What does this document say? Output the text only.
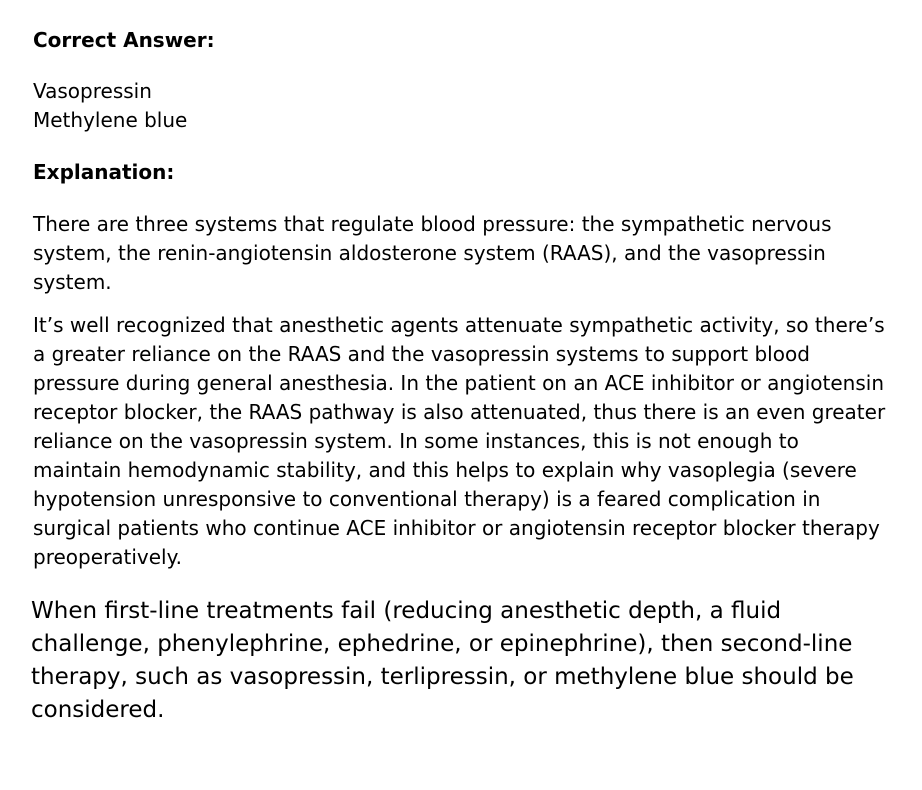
Correct Answer:

Vasopressin
Methylene blue

Explanation:

There are three systems that regulate blood pressure: the sympathetic nervous system, the renin-angiotensin aldosterone system (RAAS), and the vasopressin system.

It’s well recognized that anesthetic agents attenuate sympathetic activity, so there’s a greater reliance on the RAAS and the vasopressin systems to support blood pressure during general anesthesia. In the patient on an ACE inhibitor or angiotensin receptor blocker, the RAAS pathway is also attenuated, thus there is an even greater reliance on the vasopressin system. In some instances, this is not enough to maintain hemodynamic stability, and this helps to explain why vasoplegia (severe hypotension unresponsive to conventional therapy) is a feared complication in surgical patients who continue ACE inhibitor or angiotensin receptor blocker therapy preoperatively.

When first-line treatments fail (reducing anesthetic depth, a fluid challenge, phenylephrine, ephedrine, or epinephrine), then second-line therapy, such as vasopressin, terlipressin, or methylene blue should be considered.
